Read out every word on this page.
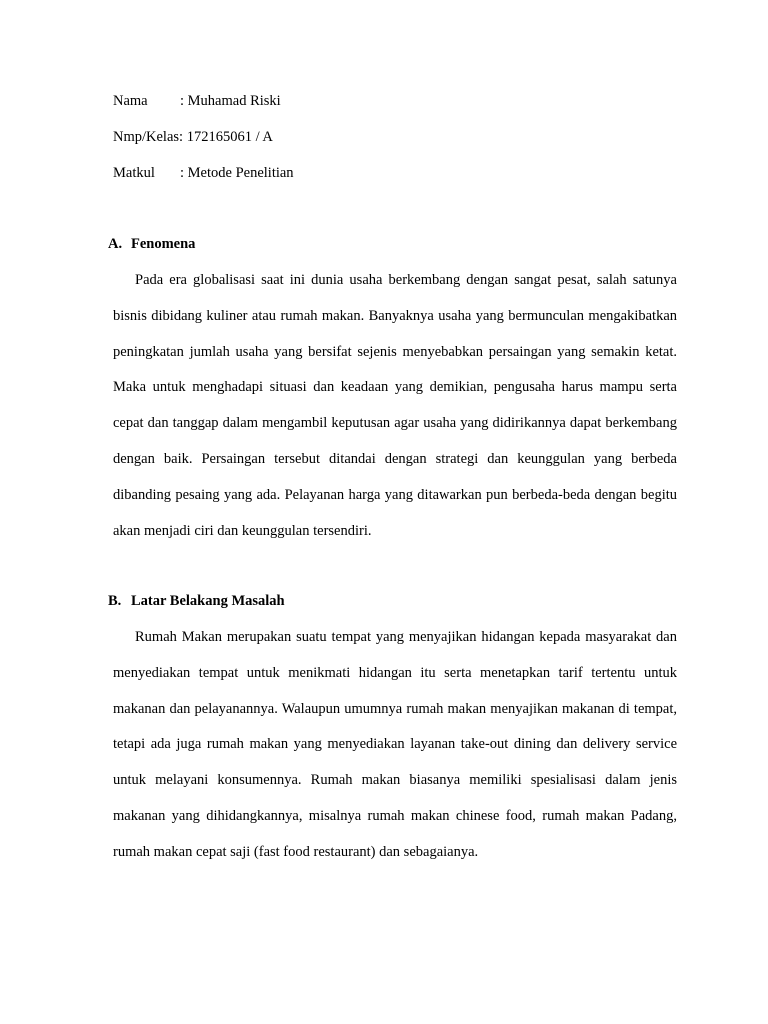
Nama : Muhamad Riski
Nmp/Kelas: 172165061 / A
Matkul : Metode Penelitian
A. Fenomena

Pada era globalisasi saat ini dunia usaha berkembang dengan sangat pesat, salah satunya bisnis dibidang kuliner atau rumah makan. Banyaknya usaha yang bermunculan mengakibatkan peningkatan jumlah usaha yang bersifat sejenis menyebabkan persaingan yang semakin ketat. Maka untuk menghadapi situasi dan keadaan yang demikian, pengusaha harus mampu serta cepat dan tanggap dalam mengambil keputusan agar usaha yang didirikannya dapat berkembang dengan baik. Persaingan tersebut ditandai dengan strategi dan keunggulan yang berbeda dibanding pesaing yang ada. Pelayanan harga yang ditawarkan pun berbeda-beda dengan begitu akan menjadi ciri dan keunggulan tersendiri.

B. Latar Belakang Masalah

Rumah Makan merupakan suatu tempat yang menyajikan hidangan kepada masyarakat dan menyediakan tempat untuk menikmati hidangan itu serta menetapkan tarif tertentu untuk makanan dan pelayanannya. Walaupun umumnya rumah makan menyajikan makanan di tempat, tetapi ada juga rumah makan yang menyediakan layanan take-out dining dan delivery service untuk melayani konsumennya. Rumah makan biasanya memiliki spesialisasi dalam jenis makanan yang dihidangkannya, misalnya rumah makan chinese food, rumah makan Padang, rumah makan cepat saji (fast food restaurant) dan sebagaianya.
